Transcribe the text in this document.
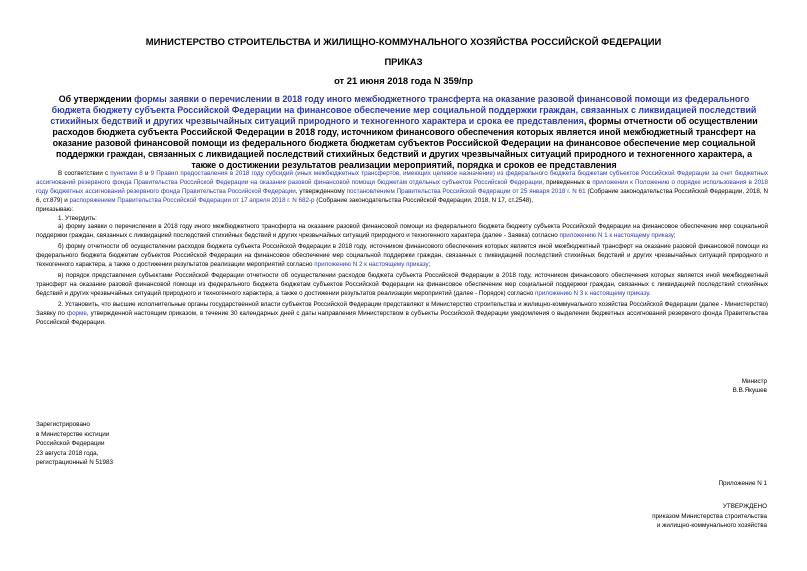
МИНИСТЕРСТВО СТРОИТЕЛЬСТВА И ЖИЛИЩНО-КОММУНАЛЬНОГО ХОЗЯЙСТВА РОССИЙСКОЙ ФЕДЕРАЦИИ
ПРИКАЗ
от 21 июня 2018 года N 359/пр
Об утверждении формы заявки о перечислении в 2018 году иного межбюджетного трансферта на оказание разовой финансовой помощи из федерального бюджета бюджету субъекта Российской Федерации на финансовое обеспечение мер социальной поддержки граждан, связанных с ликвидацией последствий стихийных бедствий и других чрезвычайных ситуаций природного и техногенного характера и срока ее представления, формы отчетности об осуществлении расходов бюджета субъекта Российской Федерации в 2018 году, источником финансового обеспечения которых является иной межбюджетный трансферт на оказание разовой финансовой помощи из федерального бюджета бюджетам субъектов Российской Федерации на финансовое обеспечение мер социальной поддержки граждан, связанных с ликвидацией последствий стихийных бедствий и других чрезвычайных ситуаций природного и техногенного характера, а также о достижении результатов реализации мероприятий, порядка и сроков ее представления

В соответствии с пунктами 8 и 9 Правил предоставления в 2018 году субсидий (иных межбюджетных трансфертов, имеющих целевое назначение) из федерального бюджета бюджетам субъектов Российской Федерации за счет бюджетных ассигнований резервного фонда Правительства Российской Федерации на оказание разовой финансовой помощи бюджетам отдельных субъектов Российской Федерации, приведенных в приложении к Положению о порядке использования в 2018 году бюджетных ассигнований резервного фонда Правительства Российской Федерации, утвержденному постановлением Правительства Российской Федерации от 25 января 2018 г. N 61 (Собрание законодательства Российской Федерации, 2018, N 6, ст.879) и распоряжением Правительства Российской Федерации от 17 апреля 2018 г. N 682-р (Собрание законодательства Российской Федерации, 2018, N 17, ст.2548),

приказываю:

1. Утвердить:

а) форму заявки о перечислении в 2018 году иного межбюджетного трансферта на оказание разовой финансовой помощи из федерального бюджета бюджету субъекта Российской Федерации на финансовое обеспечение мер социальной поддержки граждан, связанных с ликвидацией последствий стихийных бедствий и других чрезвычайных ситуаций природного и техногенного характера (далее - Заявка) согласно приложению N 1 к настоящему приказу;

б) форму отчетности об осуществлении расходов бюджета субъекта Российской Федерации в 2018 году, источником финансового обеспечения которых является иной межбюджетный трансферт на оказание разовой финансовой помощи из федерального бюджета бюджетам субъектов Российской Федерации на финансовое обеспечение мер социальной поддержки граждан, связанных с ликвидацией последствий стихийных бедствий и других чрезвычайных ситуаций природного и техногенного характера, а также о достижении результатов реализации мероприятий согласно приложению N 2 к настоящему приказу;

в) порядок представления субъектами Российской Федерации отчетности об осуществлении расходов бюджета субъекта Российской Федерации в 2018 году, источником финансового обеспечения которых является иной межбюджетный трансферт на оказание разовой финансовой помощи из федерального бюджета бюджетам субъектов Российской Федерации на финансовое обеспечение мер социальной поддержки граждан, связанных с ликвидацией последствий стихийных бедствий и других чрезвычайных ситуаций природного и техногенного характера, а также о достижении результатов реализации мероприятий (далее - Порядок) согласно приложению N 3 к настоящему приказу.

2. Установить, что высшие исполнительные органы государственной власти субъектов Российской Федерации представляют в Министерство строительства и жилищно-коммунального хозяйства Российской Федерации (далее - Министерство) Заявку по форме, утвержденной настоящим приказом, в течение 30 календарных дней с даты направления Министерством в субъекты Российской Федерации уведомления о выделении бюджетных ассигнований резервного фонда Правительства Российской Федерации.

Министр
В.В.Якушев
Зарегистрировано
в Министерстве юстиции
Российской Федерации
23 августа 2018 года,
регистрационный N 51983
Приложение N 1
УТВЕРЖДЕНО
приказом Министерства строительства
и жилищно-коммунального хозяйства
